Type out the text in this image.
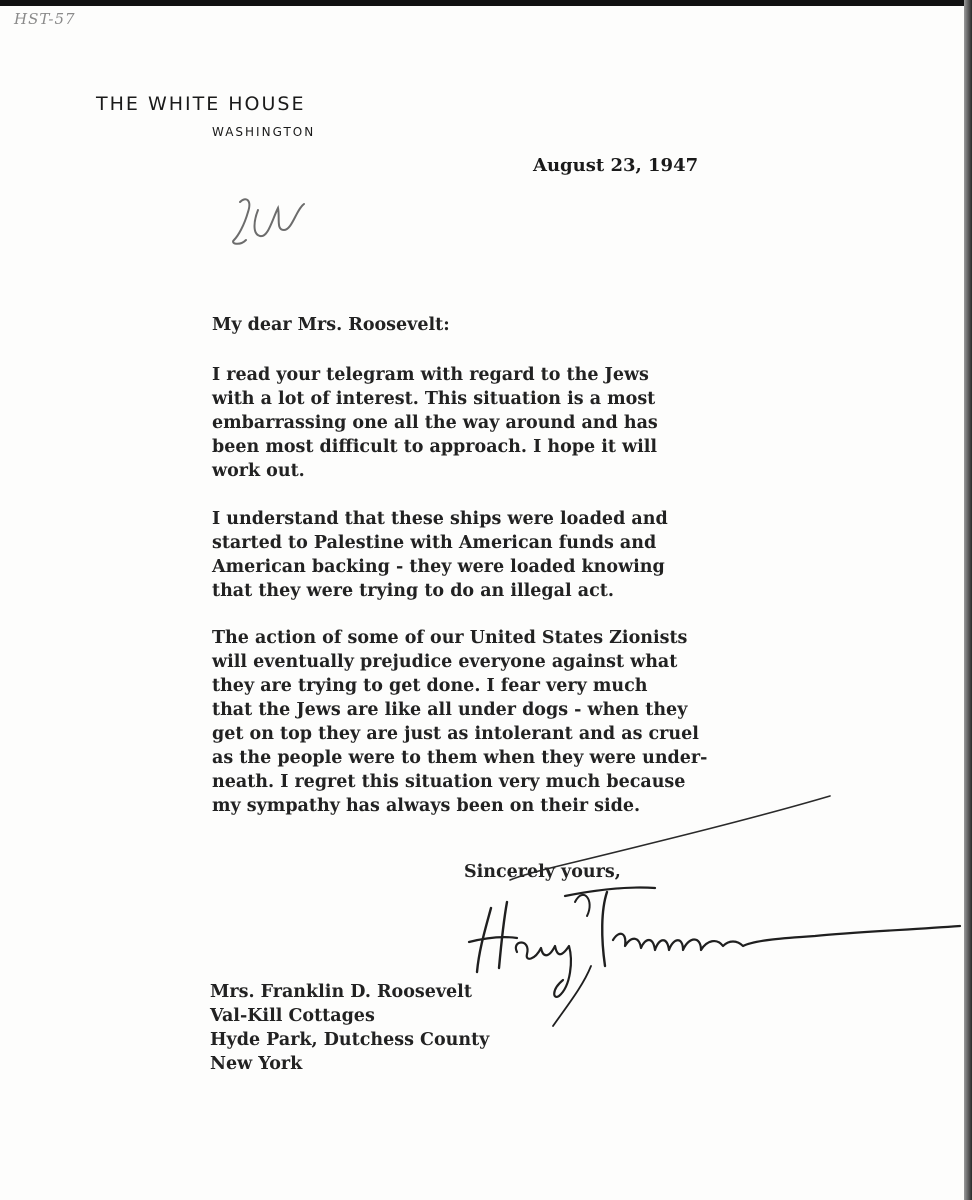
HST-57
THE WHITE HOUSE
WASHINGTON
August 23, 1947
My dear Mrs. Roosevelt:

I read your telegram with regard to the Jews
with a lot of interest. This situation is a most
embarrassing one all the way around and has
been most difficult to approach. I hope it will
work out.

I understand that these ships were loaded and
started to Palestine with American funds and
American backing - they were loaded knowing
that they were trying to do an illegal act.

The action of some of our United States Zionists
will eventually prejudice everyone against what
they are trying to get done. I fear very much
that the Jews are like all under dogs - when they
get on top they are just as intolerant and as cruel
as the people were to them when they were under-
neath. I regret this situation very much because
my sympathy has always been on their side.

Sincerely yours,
Mrs. Franklin D. Roosevelt
Val-Kill Cottages
Hyde Park, Dutchess County
New York
